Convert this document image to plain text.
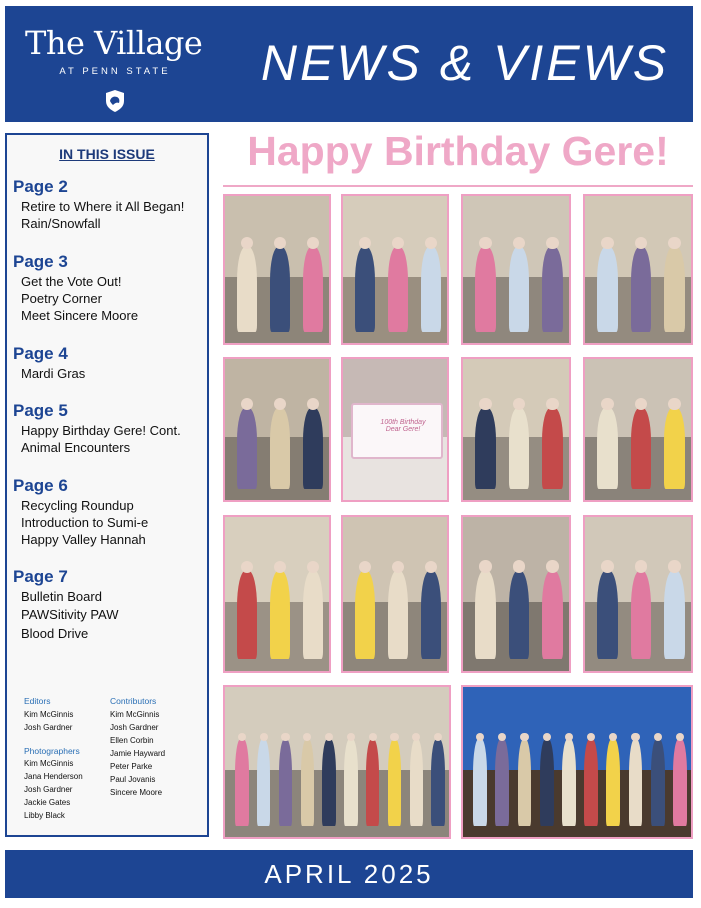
The Village
AT PENN STATE	NEWS & VIEWS
IN THIS ISSUE
Page 2
Retire to Where it All Began!
Rain/Snowfall
Page 3
Get the Vote Out!
Poetry Corner
Meet Sincere Moore
Page 4
Mardi Gras
Page 5
Happy Birthday Gere! Cont.
Animal Encounters
Page 6
Recycling Roundup
Introduction to Sumi-e
Happy Valley Hannah
Page 7
Bulletin Board
PAWSitivity PAW
Blood Drive
Editors
Kim McGinnis
Josh Gardner
Photographers
Kim McGinnis
Jana Henderson
Josh Gardner
Jackie Gates
Libby Black
Contributors
Kim McGinnis
Josh Gardner
Ellen Corbin
Jamie Hayward
Peter Parke
Paul Jovanis
Sincere Moore
Happy Birthday Gere!
100th Birthday Dear Gere!
APRIL 2025
